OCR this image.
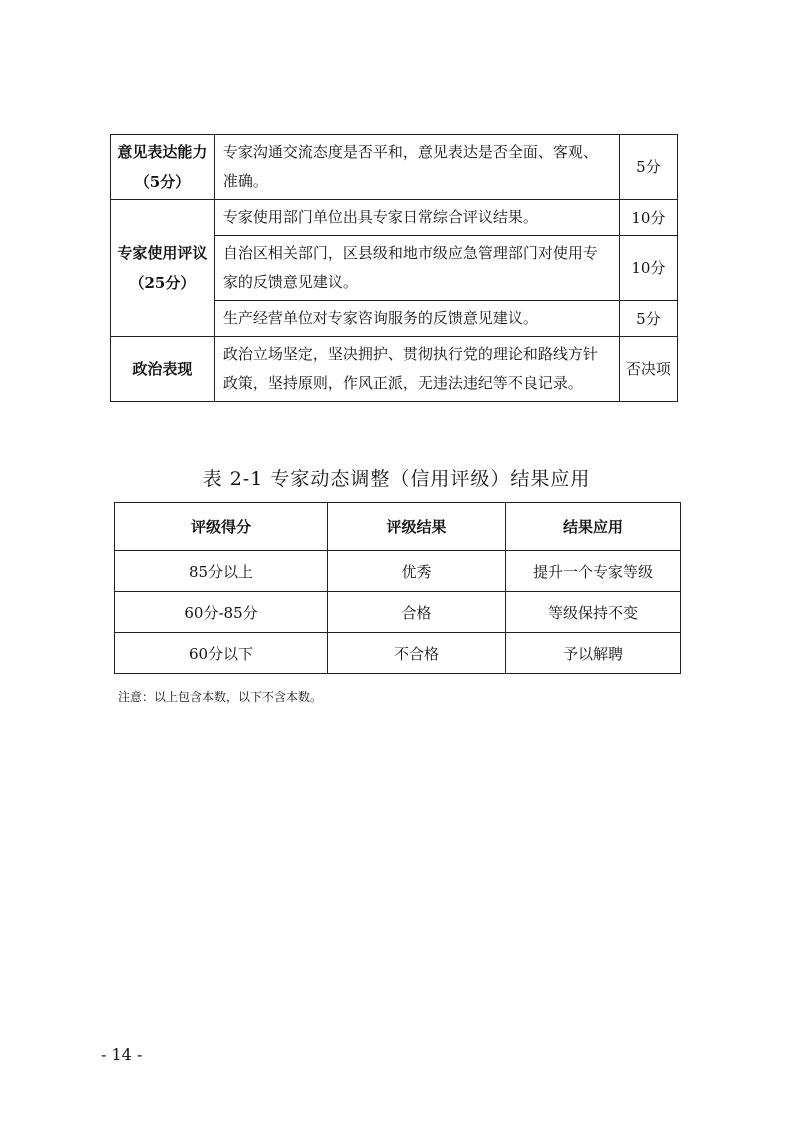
意见表达能力（5分）	专家沟通交流态度是否平和，意见表达是否全面、客观、准确。	5分
专家使用评议（25分）	专家使用部门单位出具专家日常综合评议结果。	10分
	自治区相关部门，区县级和地市级应急管理部门对使用专家的反馈意见建议。	10分
	生产经营单位对专家咨询服务的反馈意见建议。	5分
政治表现	政治立场坚定，坚决拥护、贯彻执行党的理论和路线方针政策，坚持原则，作风正派，无违法违纪等不良记录。	否决项
表 2-1 专家动态调整（信用评级）结果应用
评级得分	评级结果	结果应用
85分以上	优秀	提升一个专家等级
60分-85分	合格	等级保持不变
60分以下	不合格	予以解聘
注意：以上包含本数，以下不含本数。
- 14 -
